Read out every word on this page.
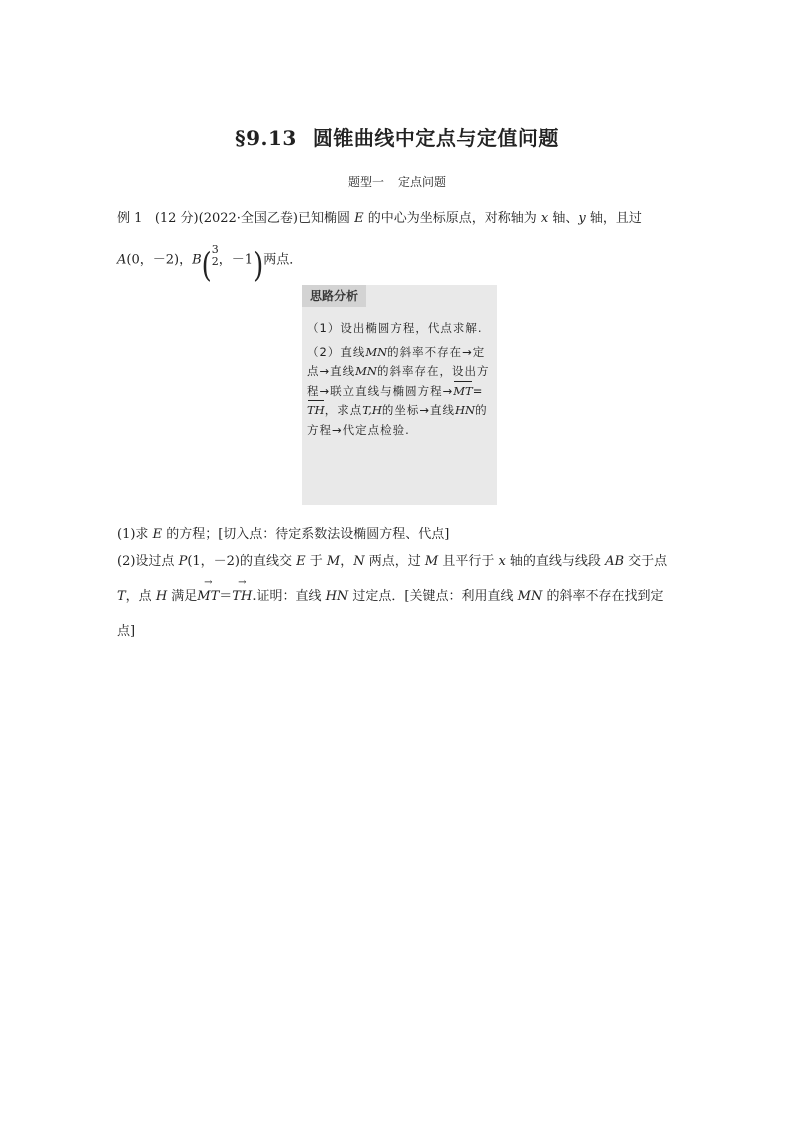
§9.13 圆锥曲线中定点与定值问题
题型一 定点问题
例 1 (12 分)(2022·全国乙卷)已知椭圆 E 的中心为坐标原点，对称轴为 x 轴、y 轴，且过
A(0，－2)，B( 3
2 ，－1)两点．
思路分析

（1）设出椭圆方程，代点求解.

（2）直线MN的斜率不存在→定点→直线MN的斜率存在，设出方程→联立直线与椭圆方程→MT=TH，求点T,H的坐标→直线HN的方程→代定点检验.

(1)求 E 的方程；[切入点：待定系数法设椭圆方程、代点]
(2)设过点 P(1，－2)的直线交 E 于 M，N 两点，过 M 且平行于 x 轴的直线与线段 AB 交于点
T，点 H 满足
→
MT＝
→
TH.证明：直线 HN 过定点．[关键点：利用直线 MN 的斜率不存在找到定
点]
